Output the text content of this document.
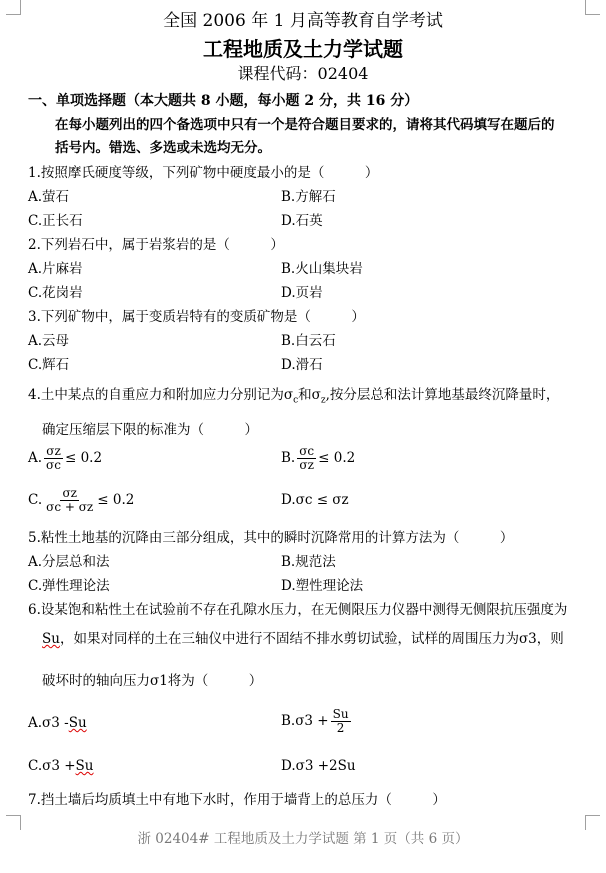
全国 2006 年 1 月高等教育自学考试
工程地质及土力学试题
课程代码：02404
一、单项选择题（本大题共 8 小题，每小题 2 分，共 16 分）
在每小题列出的四个备选项中只有一个是符合题目要求的，请将其代码填写在题后的
括号内。错选、多选或未选均无分。
1.按照摩氏硬度等级，下列矿物中硬度最小的是（　　　）
A.萤石	B.方解石
C.正长石	D.石英
2.下列岩石中，属于岩浆岩的是（　　　）
A.片麻岩	B.火山集块岩
C.花岗岩	D.页岩
3.下列矿物中，属于变质岩特有的变质矿物是（　　　）
A.云母	B.白云石
C.辉石	D.滑石
4.土中某点的自重应力和附加应力分别记为$\sigma_c$和$\sigma_z$,按分层总和法计算地基最终沉降量时，
确定压缩层下限的标准为（　　　）
A. $\frac{\sigma z}{\sigma c} \le 0.2$	B. $\frac{\sigma c}{\sigma z} \le 0.2$
C. $\frac{\sigma z}{\sigma c + \sigma z} \le 0.2$	D.σc ≤ σz
5.粘性土地基的沉降由三部分组成，其中的瞬时沉降常用的计算方法为（　　　）
A.分层总和法	B.规范法
C.弹性理论法	D.塑性理论法
6.设某饱和粘性土在试验前不存在孔隙水压力，在无侧限压力仪器中测得无侧限抗压强度为
Su，如果对同样的土在三轴仪中进行不固结不排水剪切试验，试样的周围压力为σ3，则
破坏时的轴向压力σ1将为（　　　）
A.σ3 -Su	$B.\sigma 3 + \frac{Su}{2}$
C.σ3 +Su	D.σ3 +2Su
7.挡土墙后均质填土中有地下水时，作用于墙背上的总压力（　　　）
浙 02404# 工程地质及土力学试题 第 1 页（共 6 页）
